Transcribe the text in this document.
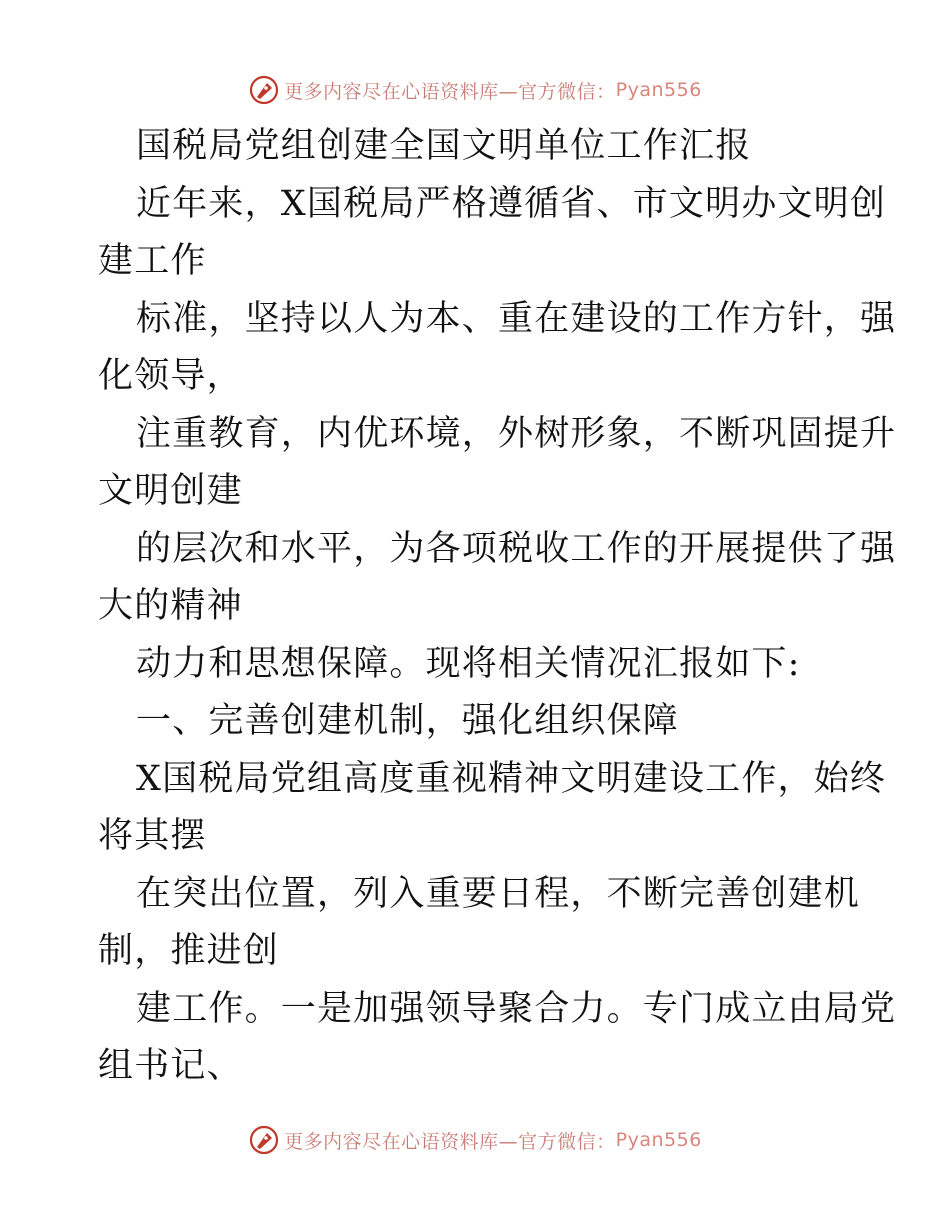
更多内容尽在心语资料库—官方微信： Pyan556
国税局党组创建全国文明单位工作汇报
近年来，X国税局严格遵循省、市文明办文明创
建工作
标准，坚持以人为本、重在建设的工作方针，强
化领导，
注重教育，内优环境，外树形象，不断巩固提升
文明创建
的层次和水平，为各项税收工作的开展提供了强
大的精神
动力和思想保障。现将相关情况汇报如下:
一、完善创建机制，强化组织保障
X国税局党组高度重视精神文明建设工作，始终
将其摆
在突出位置，列入重要日程，不断完善创建机
制，推进创
建工作。一是加强领导聚合力。专门成立由局党
组书记、
更多内容尽在心语资料库—官方微信： Pyan556
